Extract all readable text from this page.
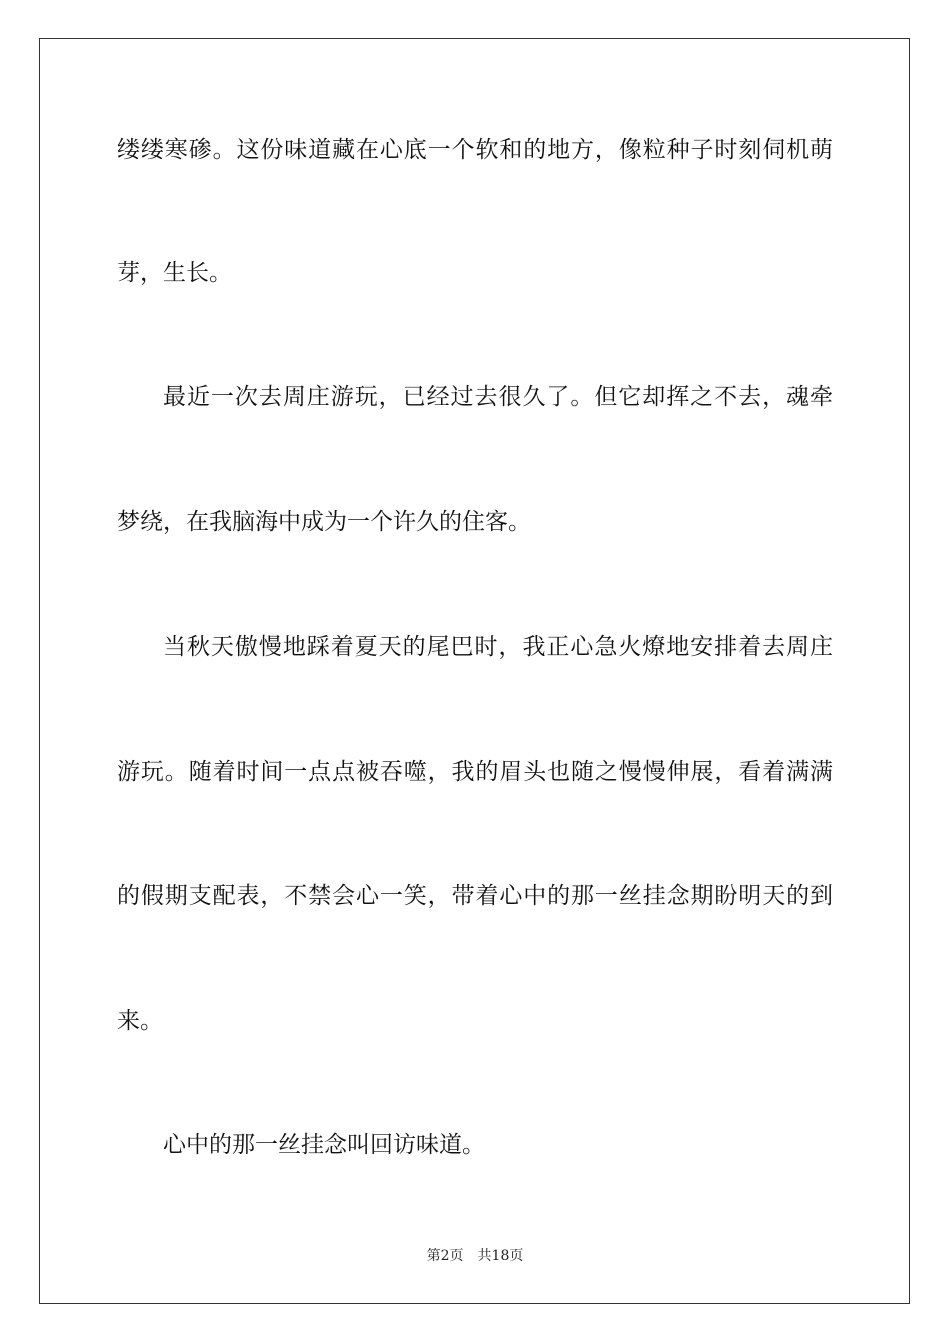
缕缕寒碜。这份味道藏在心底一个软和的地方，像粒种子时刻伺机萌
芽，生长。
最近一次去周庄游玩，已经过去很久了。但它却挥之不去，魂牵
梦绕，在我脑海中成为一个许久的住客。
当秋天傲慢地踩着夏天的尾巴时，我正心急火燎地安排着去周庄
游玩。随着时间一点点被吞噬，我的眉头也随之慢慢伸展，看着满满
的假期支配表，不禁会心一笑，带着心中的那一丝挂念期盼明天的到
来。
心中的那一丝挂念叫回访味道。
第2页 共18页
